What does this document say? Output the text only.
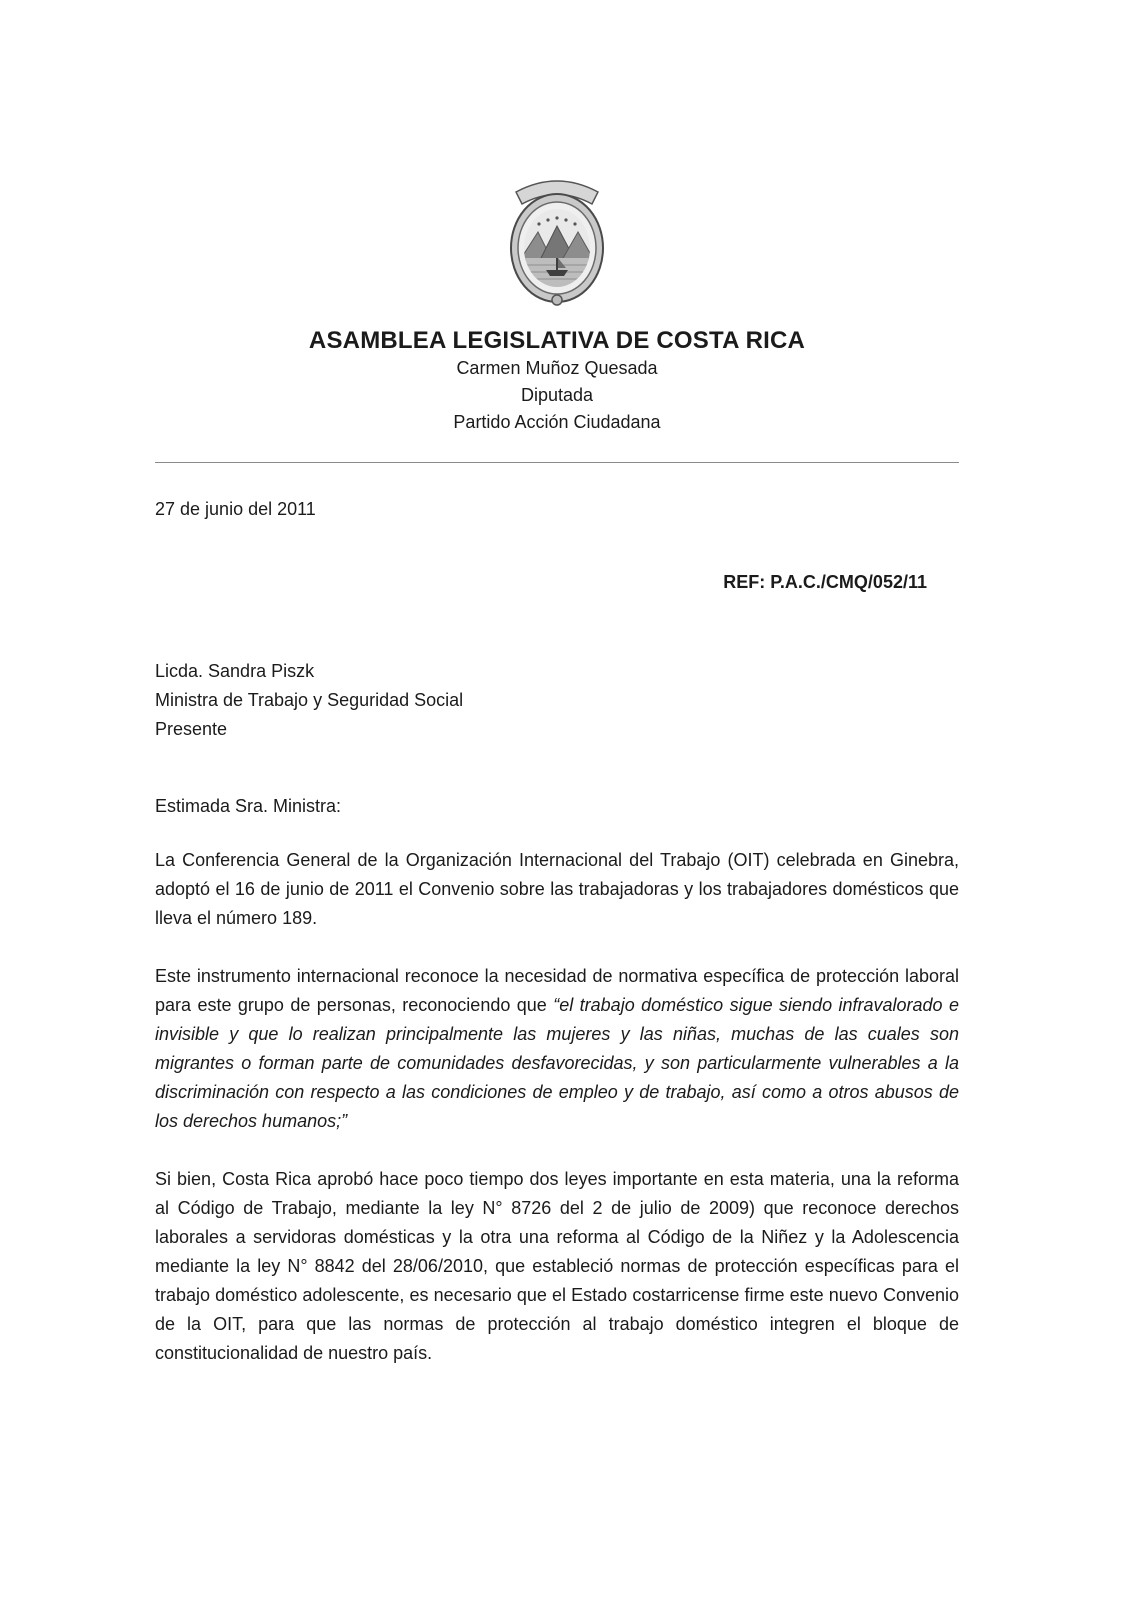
ASAMBLEA LEGISLATIVA DE COSTA RICA
Carmen Muñoz Quesada
Diputada
Partido Acción Ciudadana
27 de junio del 2011
REF: P.A.C./CMQ/052/11
Licda. Sandra Piszk
Ministra de Trabajo y Seguridad Social
Presente
Estimada Sra. Ministra:

La Conferencia General de la Organización Internacional del Trabajo (OIT) celebrada en Ginebra, adoptó el 16 de junio de 2011 el Convenio sobre las trabajadoras y los trabajadores domésticos que lleva el número 189.

Este instrumento internacional reconoce la necesidad de normativa específica de protección laboral para este grupo de personas, reconociendo que “el trabajo doméstico sigue siendo infravalorado e invisible y que lo realizan principalmente las mujeres y las niñas, muchas de las cuales son migrantes o forman parte de comunidades desfavorecidas, y son particularmente vulnerables a la discriminación con respecto a las condiciones de empleo y de trabajo, así como a otros abusos de los derechos humanos;”

Si bien, Costa Rica aprobó hace poco tiempo dos leyes importante en esta materia, una la reforma al Código de Trabajo, mediante la ley N° 8726 del 2 de julio de 2009) que reconoce derechos laborales a servidoras domésticas y la otra una reforma al Código de la Niñez y la Adolescencia mediante la ley N° 8842 del 28/06/2010, que estableció normas de protección específicas para el trabajo doméstico adolescente, es necesario que el Estado costarricense firme este nuevo Convenio de la OIT, para que las normas de protección al trabajo doméstico integren el bloque de constitucionalidad de nuestro país.
